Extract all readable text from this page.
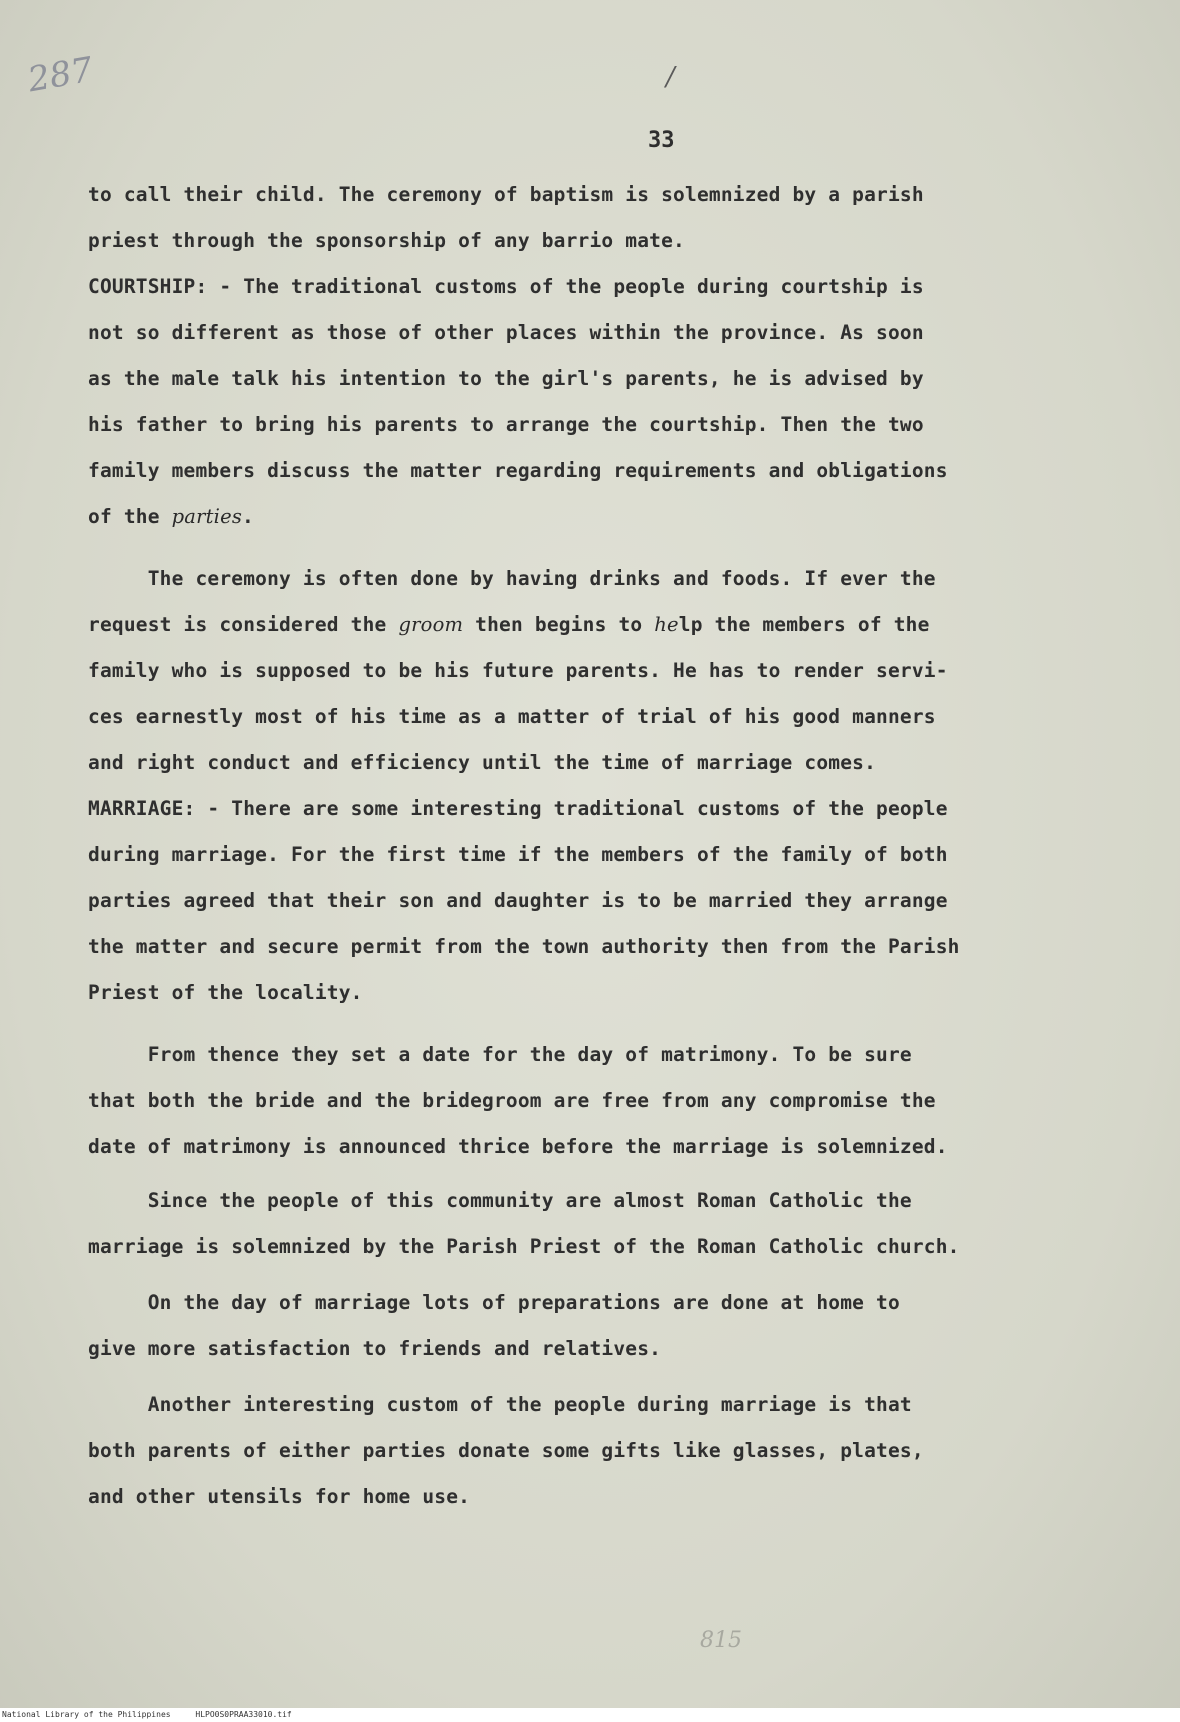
287	/
33
to call their child. The ceremony of baptism is solemnized by a parish
priest through the sponsorship of any barrio mate.
COURTSHIP: - The traditional customs of the people during courtship is
not so different as those of other places within the province. As soon
as the male talk his intention to the girl's parents, he is advised by
his father to bring his parents to arrange the courtship. Then the two
family members discuss the matter regarding requirements and obligations
of the parties.
The ceremony is often done by having drinks and foods. If ever the
request is considered the groom then begins to help the members of the
family who is supposed to be his future parents. He has to render servi-
ces earnestly most of his time as a matter of trial of his good manners
and right conduct and efficiency until the time of marriage comes.
MARRIAGE: - There are some interesting traditional customs of the people
during marriage. For the first time if the members of the family of both
parties agreed that their son and daughter is to be married they arrange
the matter and secure permit from the town authority then from the Parish
Priest of the locality.
From thence they set a date for the day of matrimony. To be sure
that both the bride and the bridegroom are free from any compromise the
date of matrimony is announced thrice before the marriage is solemnized.
Since the people of this community are almost Roman Catholic the
marriage is solemnized by the Parish Priest of the Roman Catholic church.
On the day of marriage lots of preparations are done at home to
give more satisfaction to friends and relatives.
Another interesting custom of the people during marriage is that
both parents of either parties donate some gifts like glasses, plates,
and other utensils for home use.
815
National Library of the Philippines	HLPO0S0PRAA33010.tif
